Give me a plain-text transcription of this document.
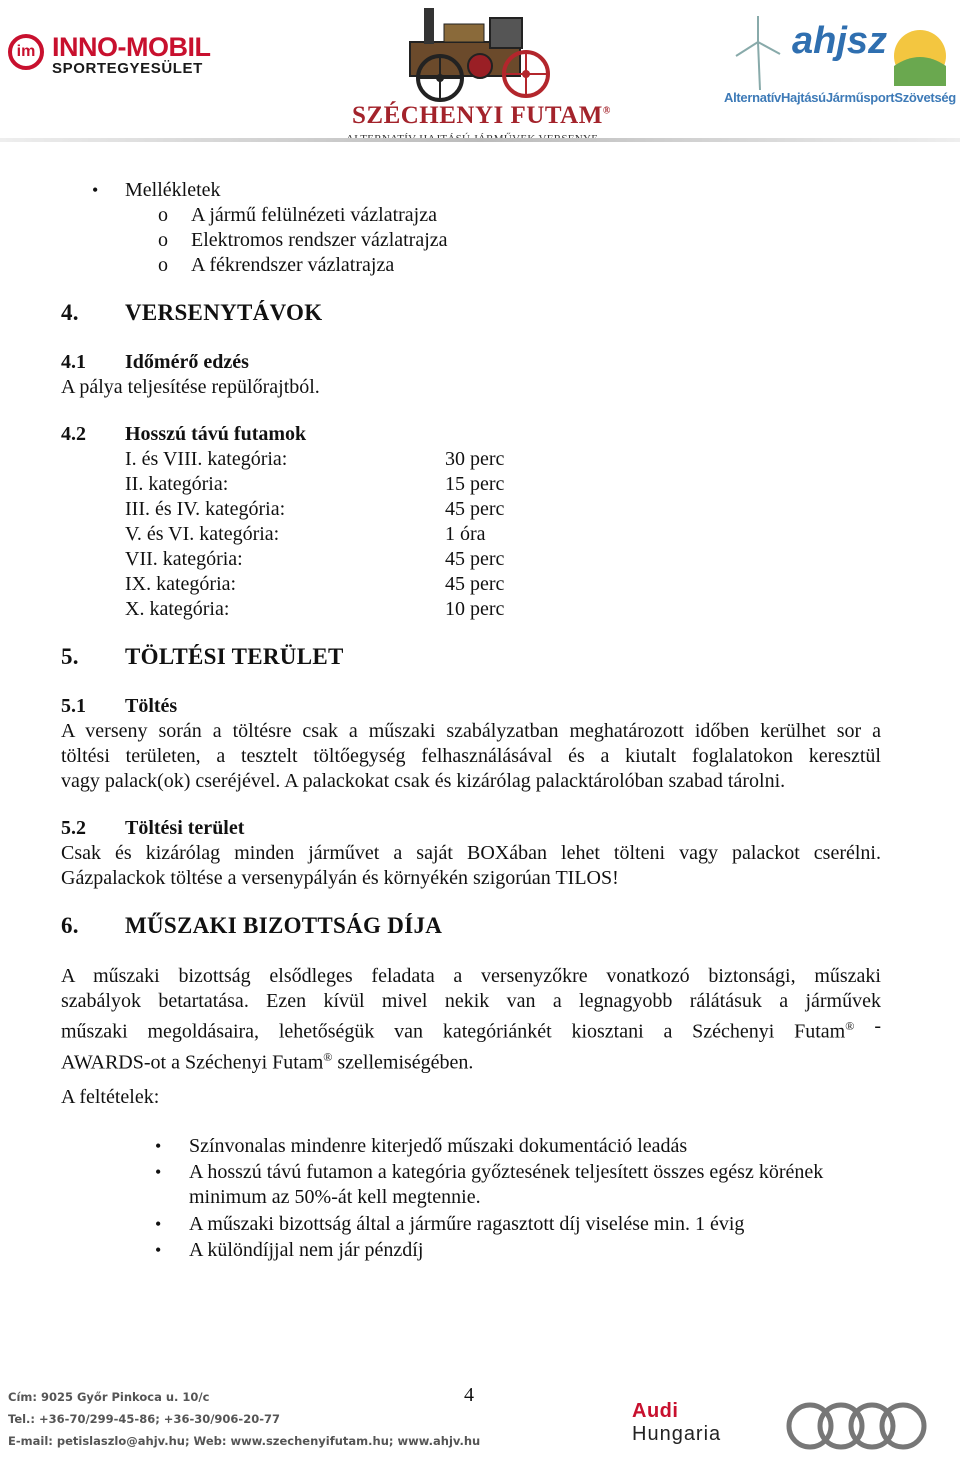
im INNO-MOBIL
SPORTEGYESÜLET
SZÉCHENYI FUTAM®
ahjsz
AlternatívHajtásúJárműsportSzövetség
• Mellékletek
o A jármű felülnézeti vázlatrajza
o Elektromos rendszer vázlatrajza
o A fékrendszer vázlatrajza
4. VERSENYTÁVOK
4.1 Időmérő edzés
A pálya teljesítése repülőrajtból.
4.2 Hosszú távú futamok
I. és VIII. kategória:	30 perc
II. kategória:	15 perc
III. és IV. kategória:	45 perc
V. és VI. kategória:	1 óra
VII. kategória:	45 perc
IX. kategória:	45 perc
X. kategória:	10 perc
5. TÖLTÉSI TERÜLET
5.1 Töltés
A verseny során a töltésre csak a műszaki szabályzatban meghatározott időben kerülhet sor a
töltési területen, a tesztelt töltőegység felhasználásával és a kiutalt foglalatokon keresztül
vagy palack(ok) cseréjével. A palackokat csak és kizárólag palacktárolóban szabad tárolni.
5.2 Töltési terület
Csak és kizárólag minden járművet a saját BOXában lehet tölteni vagy palackot cserélni.
Gázpalackok töltése a versenypályán és környékén szigorúan TILOS!
6. MŰSZAKI BIZOTTSÁG DÍJA
A műszaki bizottság elsődleges feladata a versenyzőkre vonatkozó biztonsági, műszaki
szabályok betartatása. Ezen kívül mivel nekik van a legnagyobb rálátásuk a járművek
műszaki megoldásaira, lehetőségük van kategóriánkét kiosztani a Széchenyi Futam® -
AWARDS-ot a Széchenyi Futam® szellemiségében.
A feltételek:
• Színvonalas mindenre kiterjedő műszaki dokumentáció leadás
• A hosszú távú futamon a kategória győztesének teljesített összes egész körének
minimum az 50%-át kell megtennie.
• A műszaki bizottság által a járműre ragasztott díj viselése min. 1 évig
• A különdíjjal nem jár pénzdíj
Cím: 9025 Győr Pinkoca u. 10/c
Tel.: +36-70/299-45-86; +36-30/906-20-77
E-mail: petislaszlo@ahjv.hu; Web: www.szechenyifutam.hu; www.ahjv.hu
4
Audi
Hungaria
